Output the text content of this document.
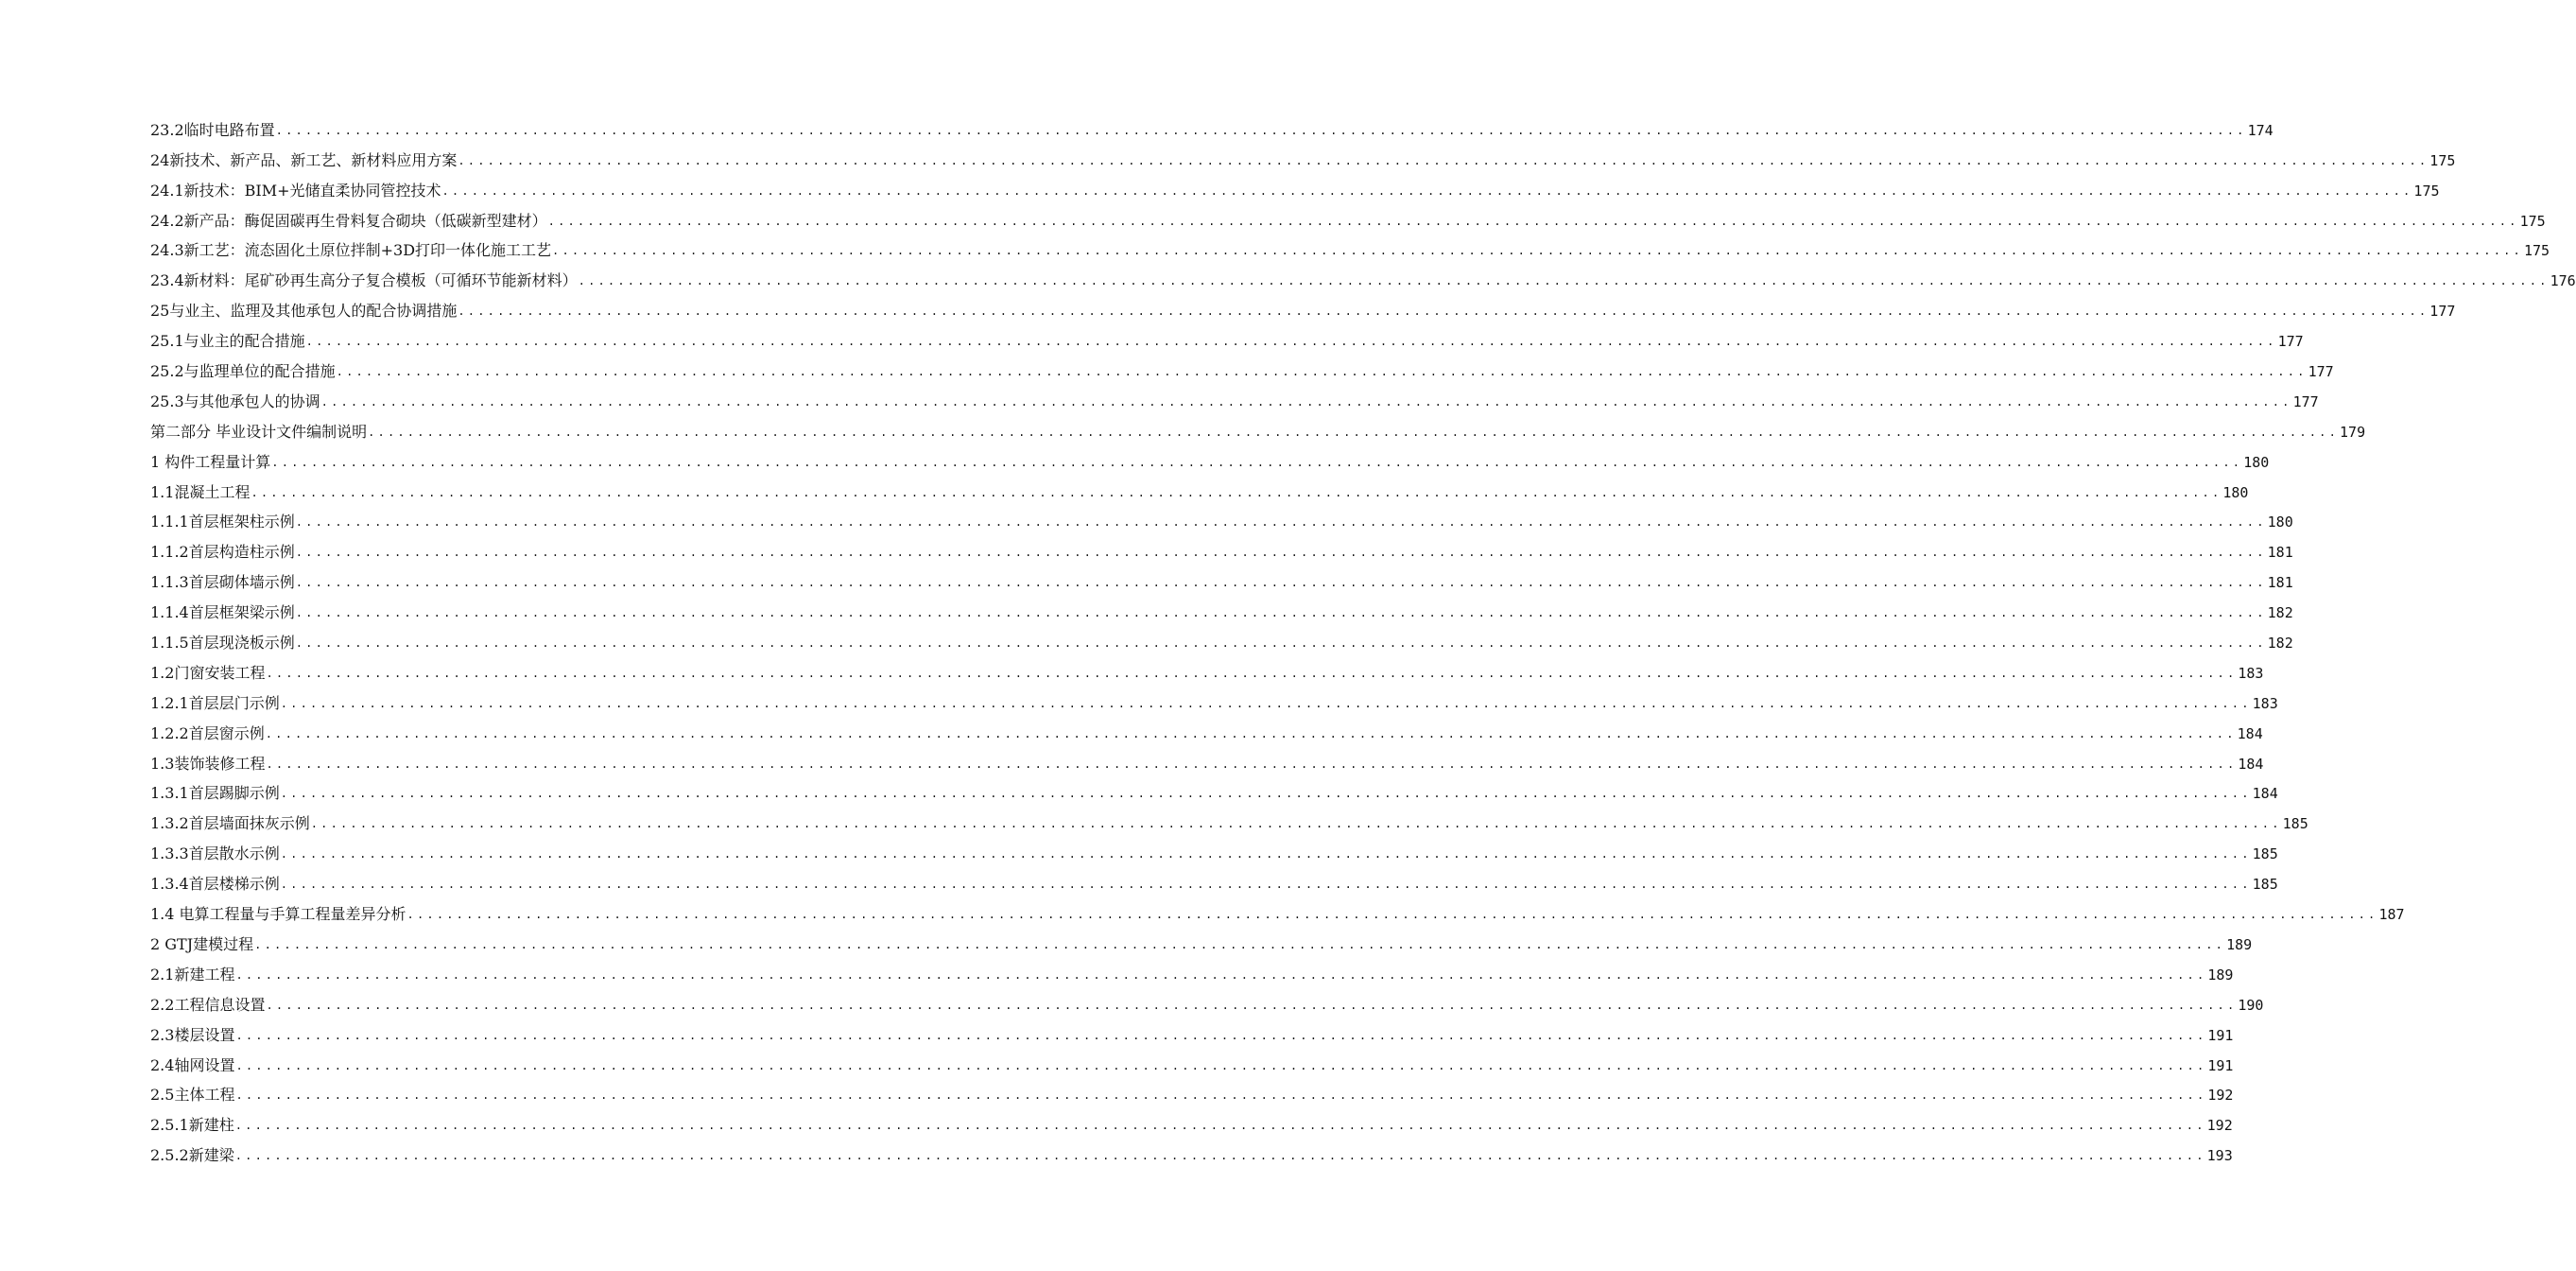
23.2临时电路布置 ........................................................................................................................................................................................................ 174
24新技术、新产品、新工艺、新材料应用方案 ........................................................................................................................................................................................................ 175
24.1新技术：BIM+光储直柔协同管控技术 ........................................................................................................................................................................................................ 175
24.2新产品：酶促固碳再生骨料复合砌块（低碳新型建材） ........................................................................................................................................................................................................ 175
24.3新工艺：流态固化土原位拌制+3D打印一体化施工工艺 ........................................................................................................................................................................................................ 175
23.4新材料：尾矿砂再生高分子复合模板（可循环节能新材料） ........................................................................................................................................................................................................ 176
25与业主、监理及其他承包人的配合协调措施 ........................................................................................................................................................................................................ 177
25.1与业主的配合措施 ........................................................................................................................................................................................................ 177
25.2与监理单位的配合措施 ........................................................................................................................................................................................................ 177
25.3与其他承包人的协调 ........................................................................................................................................................................................................ 177
第二部分 毕业设计文件编制说明 ........................................................................................................................................................................................................ 179
1 构件工程量计算 ........................................................................................................................................................................................................ 180
1.1混凝土工程 ........................................................................................................................................................................................................ 180
1.1.1首层框架柱示例 ........................................................................................................................................................................................................ 180
1.1.2首层构造柱示例 ........................................................................................................................................................................................................ 181
1.1.3首层砌体墙示例 ........................................................................................................................................................................................................ 181
1.1.4首层框架梁示例 ........................................................................................................................................................................................................ 182
1.1.5首层现浇板示例 ........................................................................................................................................................................................................ 182
1.2门窗安装工程 ........................................................................................................................................................................................................ 183
1.2.1首层层门示例 ........................................................................................................................................................................................................ 183
1.2.2首层窗示例 ........................................................................................................................................................................................................ 184
1.3装饰装修工程 ........................................................................................................................................................................................................ 184
1.3.1首层踢脚示例 ........................................................................................................................................................................................................ 184
1.3.2首层墙面抹灰示例 ........................................................................................................................................................................................................ 185
1.3.3首层散水示例 ........................................................................................................................................................................................................ 185
1.3.4首层楼梯示例 ........................................................................................................................................................................................................ 185
1.4 电算工程量与手算工程量差异分析 ........................................................................................................................................................................................................ 187
2 GTJ建模过程 ........................................................................................................................................................................................................ 189
2.1新建工程 ........................................................................................................................................................................................................ 189
2.2工程信息设置 ........................................................................................................................................................................................................ 190
2.3楼层设置 ........................................................................................................................................................................................................ 191
2.4轴网设置 ........................................................................................................................................................................................................ 191
2.5主体工程 ........................................................................................................................................................................................................ 192
2.5.1新建柱 ........................................................................................................................................................................................................ 192
2.5.2新建梁 ........................................................................................................................................................................................................ 193
